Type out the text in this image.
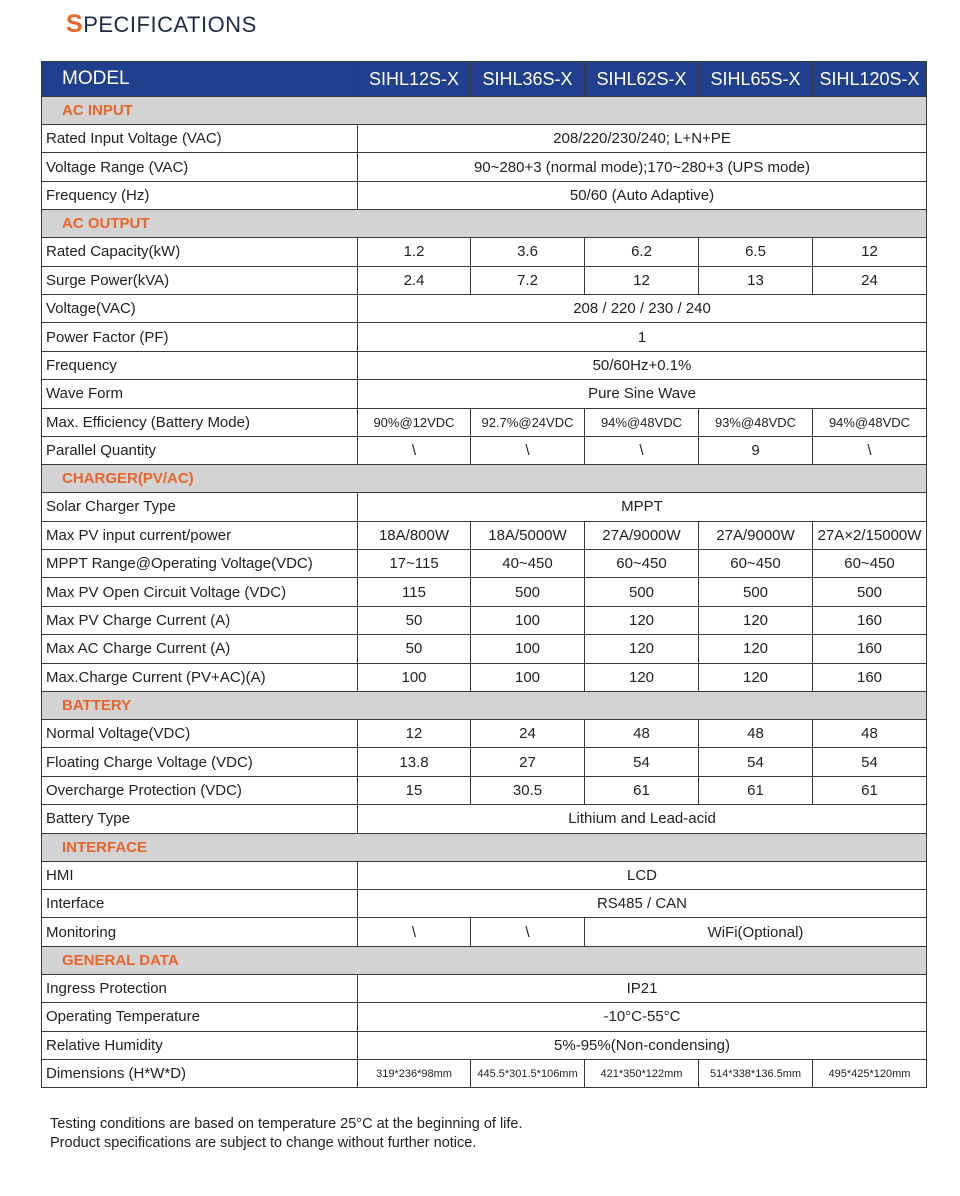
SPECIFICATIONS
MODEL	SIHL12S-X	SIHL36S-X	SIHL62S-X	SIHL65S-X	SIHL120S-X
AC INPUT					
Rated Input Voltage (VAC)	208/220/230/240; L+N+PE				
Voltage Range (VAC)	90~280+3 (normal mode);170~280+3 (UPS mode)				
Frequency (Hz)	50/60 (Auto Adaptive)				
AC OUTPUT					
Rated Capacity(kW)	1.2	3.6	6.2	6.5	12
Surge Power(kVA)	2.4	7.2	12	13	24
Voltage(VAC)	208 / 220 / 230 / 240				
Power Factor (PF)	1				
Frequency	50/60Hz+0.1%				
Wave Form	Pure Sine Wave				
Max. Efficiency (Battery Mode)	90%@12VDC	92.7%@24VDC	94%@48VDC	93%@48VDC	94%@48VDC
Parallel Quantity	\	\	\	9	\
CHARGER(PV/AC)					
Solar Charger Type	MPPT				
Max PV input current/power	18A/800W	18A/5000W	27A/9000W	27A/9000W	27A×2/15000W
MPPT Range@Operating Voltage(VDC)	17~115	40~450	60~450	60~450	60~450
Max PV Open Circuit Voltage (VDC)	115	500	500	500	500
Max PV Charge Current (A)	50	100	120	120	160
Max AC Charge Current (A)	50	100	120	120	160
Max.Charge Current (PV+AC)(A)	100	100	120	120	160
BATTERY					
Normal Voltage(VDC)	12	24	48	48	48
Floating Charge Voltage (VDC)	13.8	27	54	54	54
Overcharge Protection (VDC)	15	30.5	61	61	61
Battery Type	Lithium and Lead-acid				
INTERFACE					
HMI	LCD				
Interface	RS485 / CAN				
Monitoring	\	\	WiFi(Optional)		
GENERAL DATA					
Ingress Protection	IP21				
Operating Temperature	-10°C-55°C				
Relative Humidity	5%-95%(Non-condensing)				
Dimensions (H*W*D)	319*236*98mm	445.5*301.5*106mm	421*350*122mm	514*338*136.5mm	495*425*120mm
Testing conditions are based on temperature 25°C at the beginning of life.
Product specifications are subject to change without further notice.
